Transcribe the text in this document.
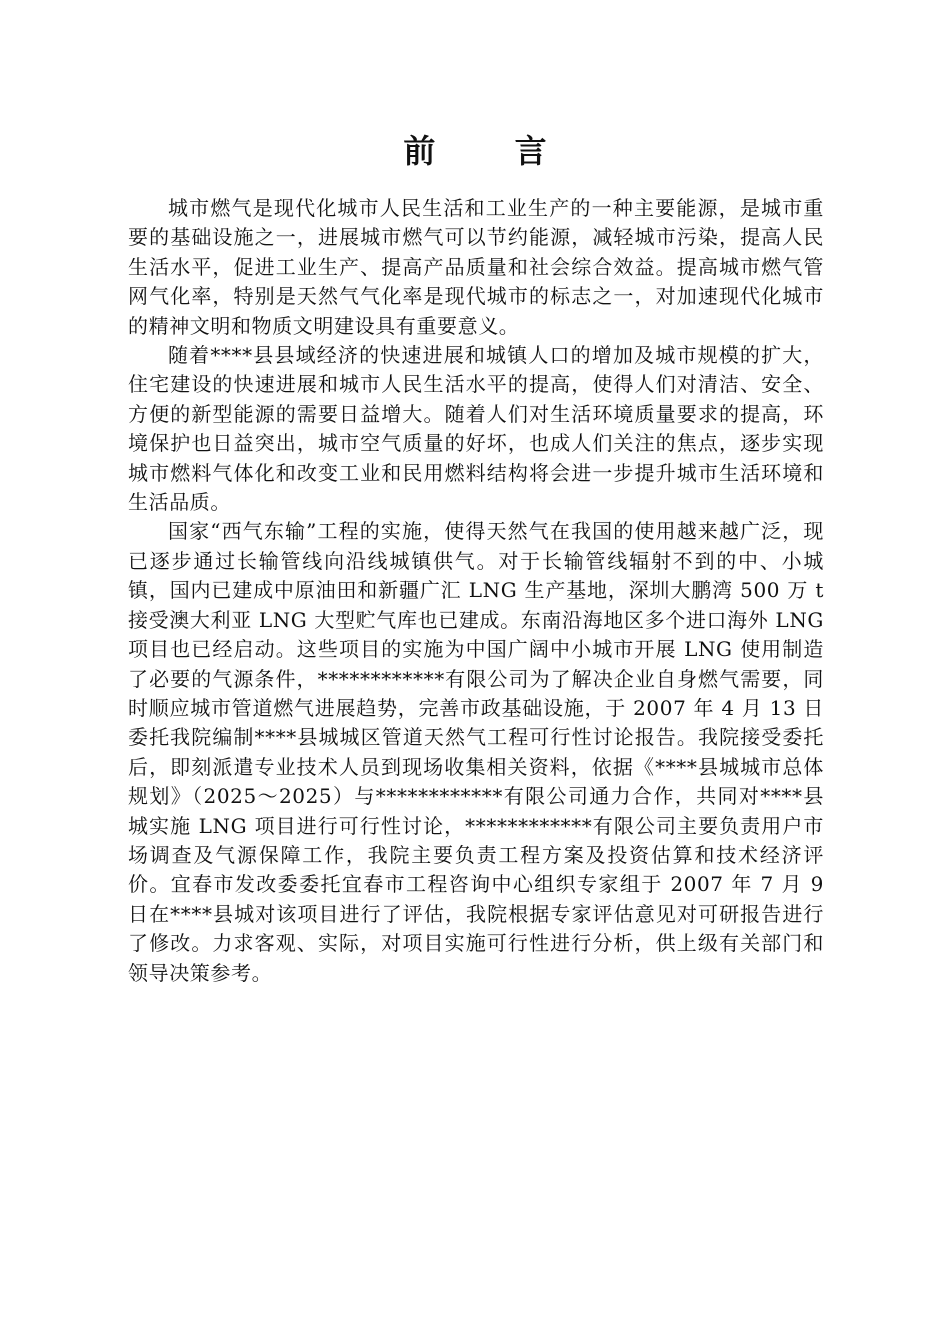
前 言

城市燃气是现代化城市人民生活和工业生产的一种主要能源，是城市重要的基础设施之一，进展城市燃气可以节约能源，减轻城市污染，提高人民生活水平，促进工业生产、提高产品质量和社会综合效益。提高城市燃气管网气化率，特别是天然气气化率是现代城市的标志之一，对加速现代化城市的精神文明和物质文明建设具有重要意义。

随着****县县域经济的快速进展和城镇人口的增加及城市规模的扩大，住宅建设的快速进展和城市人民生活水平的提高，使得人们对清洁、安全、方便的新型能源的需要日益增大。随着人们对生活环境质量要求的提高，环境保护也日益突出，城市空气质量的好坏，也成人们关注的焦点，逐步实现城市燃料气体化和改变工业和民用燃料结构将会进一步提升城市生活环境和生活品质。

国家“西气东输”工程的实施，使得天然气在我国的使用越来越广泛，现已逐步通过长输管线向沿线城镇供气。对于长输管线辐射不到的中、小城镇，国内已建成中原油田和新疆广汇 LNG 生产基地，深圳大鹏湾 500 万 t 接受澳大利亚 LNG 大型贮气库也已建成。东南沿海地区多个进口海外 LNG 项目也已经启动。这些项目的实施为中国广阔中小城市开展 LNG 使用制造了必要的气源条件，************有限公司为了解决企业自身燃气需要，同时顺应城市管道燃气进展趋势，完善市政基础设施，于 2007 年 4 月 13 日委托我院编制****县城城区管道天然气工程可行性讨论报告。我院接受委托后，即刻派遣专业技术人员到现场收集相关资料，依据《****县城城市总体规划》（2025～2025）与************有限公司通力合作，共同对****县城实施 LNG 项目进行可行性讨论，************有限公司主要负责用户市场调查及气源保障工作，我院主要负责工程方案及投资估算和技术经济评价。宜春市发改委委托宜春市工程咨询中心组织专家组于 2007 年 7 月 9 日在****县城对该项目进行了评估，我院根据专家评估意见对可研报告进行了修改。力求客观、实际，对项目实施可行性进行分析，供上级有关部门和领导决策参考。
